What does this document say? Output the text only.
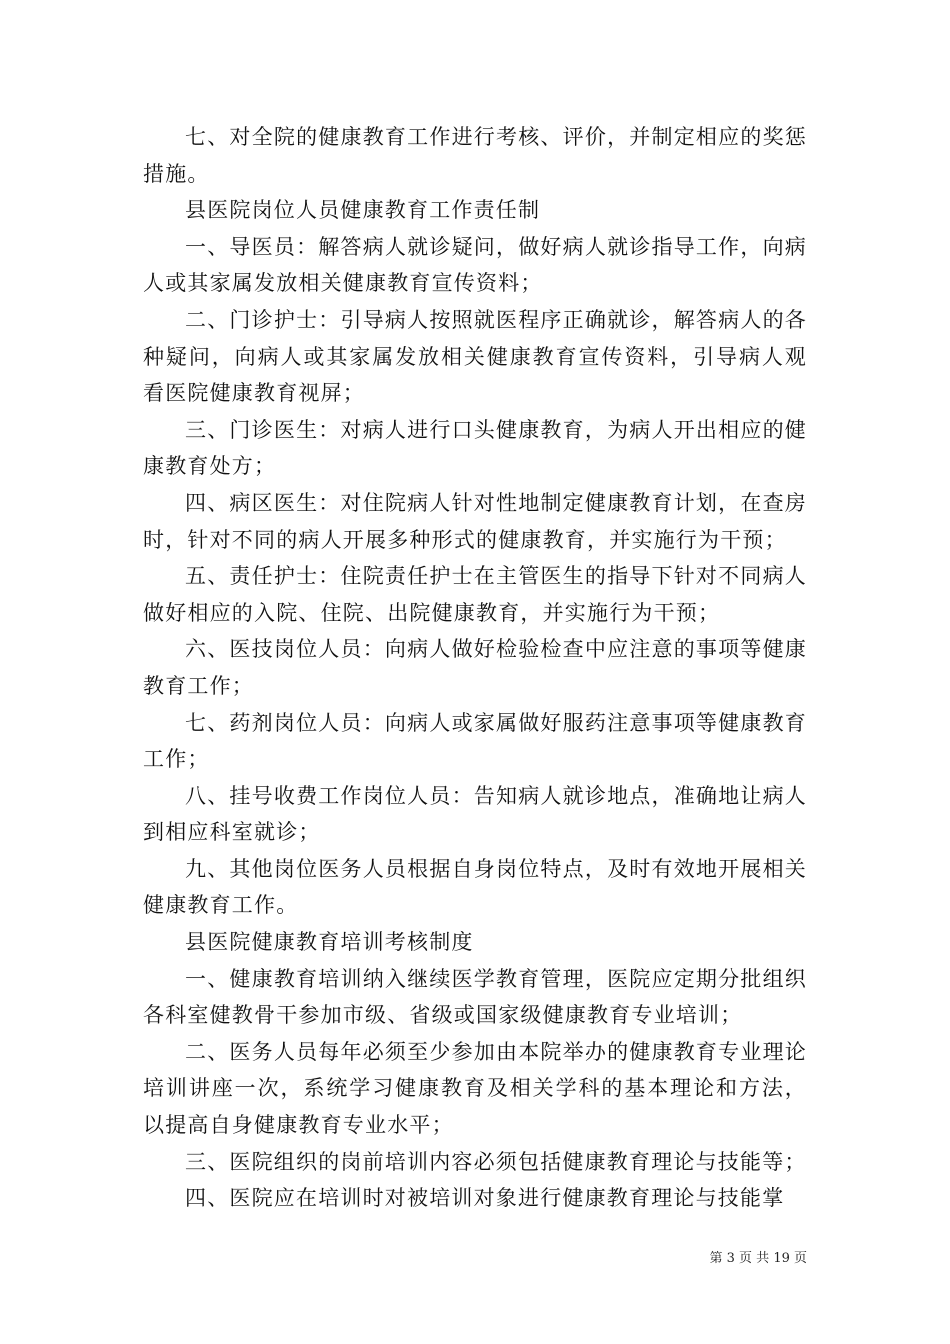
七、对全院的健康教育工作进行考核、评价，并制定相应的奖惩措施。

县医院岗位人员健康教育工作责任制

一、导医员：解答病人就诊疑问，做好病人就诊指导工作，向病人或其家属发放相关健康教育宣传资料；

二、门诊护士：引导病人按照就医程序正确就诊，解答病人的各种疑问，向病人或其家属发放相关健康教育宣传资料，引导病人观看医院健康教育视屏；

三、门诊医生：对病人进行口头健康教育，为病人开出相应的健康教育处方；

四、病区医生：对住院病人针对性地制定健康教育计划，在查房时，针对不同的病人开展多种形式的健康教育，并实施行为干预；

五、责任护士：住院责任护士在主管医生的指导下针对不同病人做好相应的入院、住院、出院健康教育，并实施行为干预；

六、医技岗位人员：向病人做好检验检查中应注意的事项等健康教育工作；

七、药剂岗位人员：向病人或家属做好服药注意事项等健康教育工作；

八、挂号收费工作岗位人员：告知病人就诊地点，准确地让病人到相应科室就诊；

九、其他岗位医务人员根据自身岗位特点，及时有效地开展相关健康教育工作。

县医院健康教育培训考核制度

一、健康教育培训纳入继续医学教育管理，医院应定期分批组织各科室健教骨干参加市级、省级或国家级健康教育专业培训；

二、医务人员每年必须至少参加由本院举办的健康教育专业理论培训讲座一次，系统学习健康教育及相关学科的基本理论和方法，以提高自身健康教育专业水平；

三、医院组织的岗前培训内容必须包括健康教育理论与技能等；

四、医院应在培训时对被培训对象进行健康教育理论与技能掌

第 3 页 共 19 页
